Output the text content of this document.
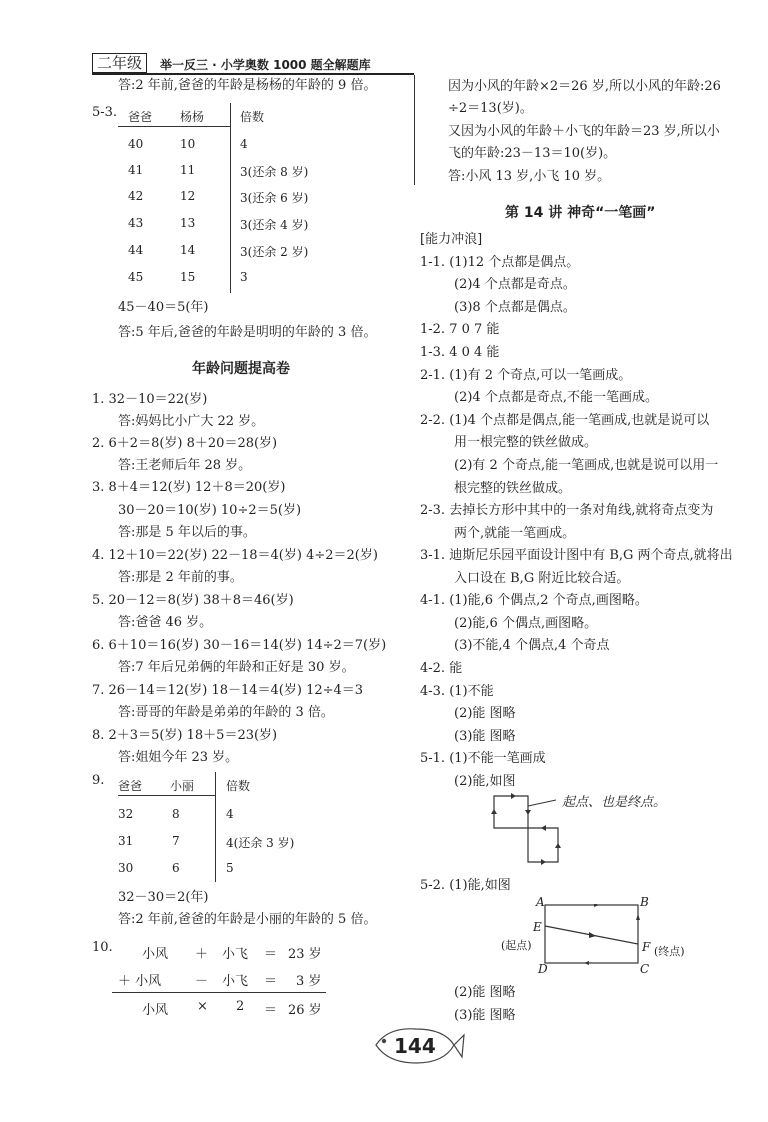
二年级	举一反三 · 小学奥数 1000 题全解题库
答:2 年前,爸爸的年龄是杨杨的年龄的 9 倍。
5-3. 爸爸 杨杨	倍数
40	10	4
41	11	3(还余 8 岁)
42	12	3(还余 6 岁)
43	13	3(还余 4 岁)
44	14	3(还余 2 岁)
45	15	3
45－40＝5(年)
答:5 年后,爸爸的年龄是明明的年龄的 3 倍。
年龄问题提高卷
1. 32－10＝22(岁)
答:妈妈比小广大 22 岁。
2. 6＋2＝8(岁) 8＋20＝28(岁)
答:王老师后年 28 岁。
3. 8＋4＝12(岁) 12＋8＝20(岁)
30－20＝10(岁) 10÷2＝5(岁)
答:那是 5 年以后的事。
4. 12＋10＝22(岁) 22－18＝4(岁) 4÷2＝2(岁)
答:那是 2 年前的事。
5. 20－12＝8(岁) 38＋8＝46(岁)
答:爸爸 46 岁。
6. 6＋10＝16(岁) 30－16＝14(岁) 14÷2＝7(岁)
答:7 年后兄弟俩的年龄和正好是 30 岁。
7. 26－14＝12(岁) 18－14＝4(岁) 12÷4＝3
答:哥哥的年龄是弟弟的年龄的 3 倍。
8. 2＋3＝5(岁) 18＋5＝23(岁)
答:姐姐今年 23 岁。
9. 爸爸 小丽	倍数
32	8	4
31	7	4(还余 3 岁)
30	6	5
32－30＝2(年)
答:2 年前,爸爸的年龄是小丽的年龄的 5 倍。
10. 小风 ＋ 小飞 ＝ 23 岁
＋ 小风	－ 小飞 ＝ 3 岁
小风 × 2 ＝ 26 岁
因为小风的年龄×2＝26 岁,所以小风的年龄:26
÷2＝13(岁)。
又因为小风的年龄＋小飞的年龄＝23 岁,所以小
飞的年龄:23－13＝10(岁)。
答:小风 13 岁,小飞 10 岁。
第 14 讲 神奇“一笔画”
[能力冲浪]
1-1. (1)12 个点都是偶点。
(2)4 个点都是奇点。
(3)8 个点都是偶点。
1-2. 7 0 7 能
1-3. 4 0 4 能
2-1. (1)有 2 个奇点,可以一笔画成。
(2)4 个点都是奇点,不能一笔画成。
2-2. (1)4 个点都是偶点,能一笔画成,也就是说可以
用一根完整的铁丝做成。
(2)有 2 个奇点,能一笔画成,也就是说可以用一
根完整的铁丝做成。
2-3. 去掉长方形中其中的一条对角线,就将奇点变为
两个,就能一笔画成。
3-1. 迪斯尼乐园平面设计图中有 B,G 两个奇点,就将出
入口设在 B,G 附近比较合适。
4-1. (1)能,6 个偶点,2 个奇点,画图略。
(2)能,6 个偶点,画图略。
(3)不能,4 个偶点,4 个奇点
4-2. 能
4-3. (1)不能
(2)能 图略
(3)能 图略
5-1. (1)不能一笔画成
(2)能,如图
起点、也是终点。
5-2. (1)能,如图
A	B
C
D
E
F
(起点)	(终点)
(2)能 图略
(3)能 图略
144
